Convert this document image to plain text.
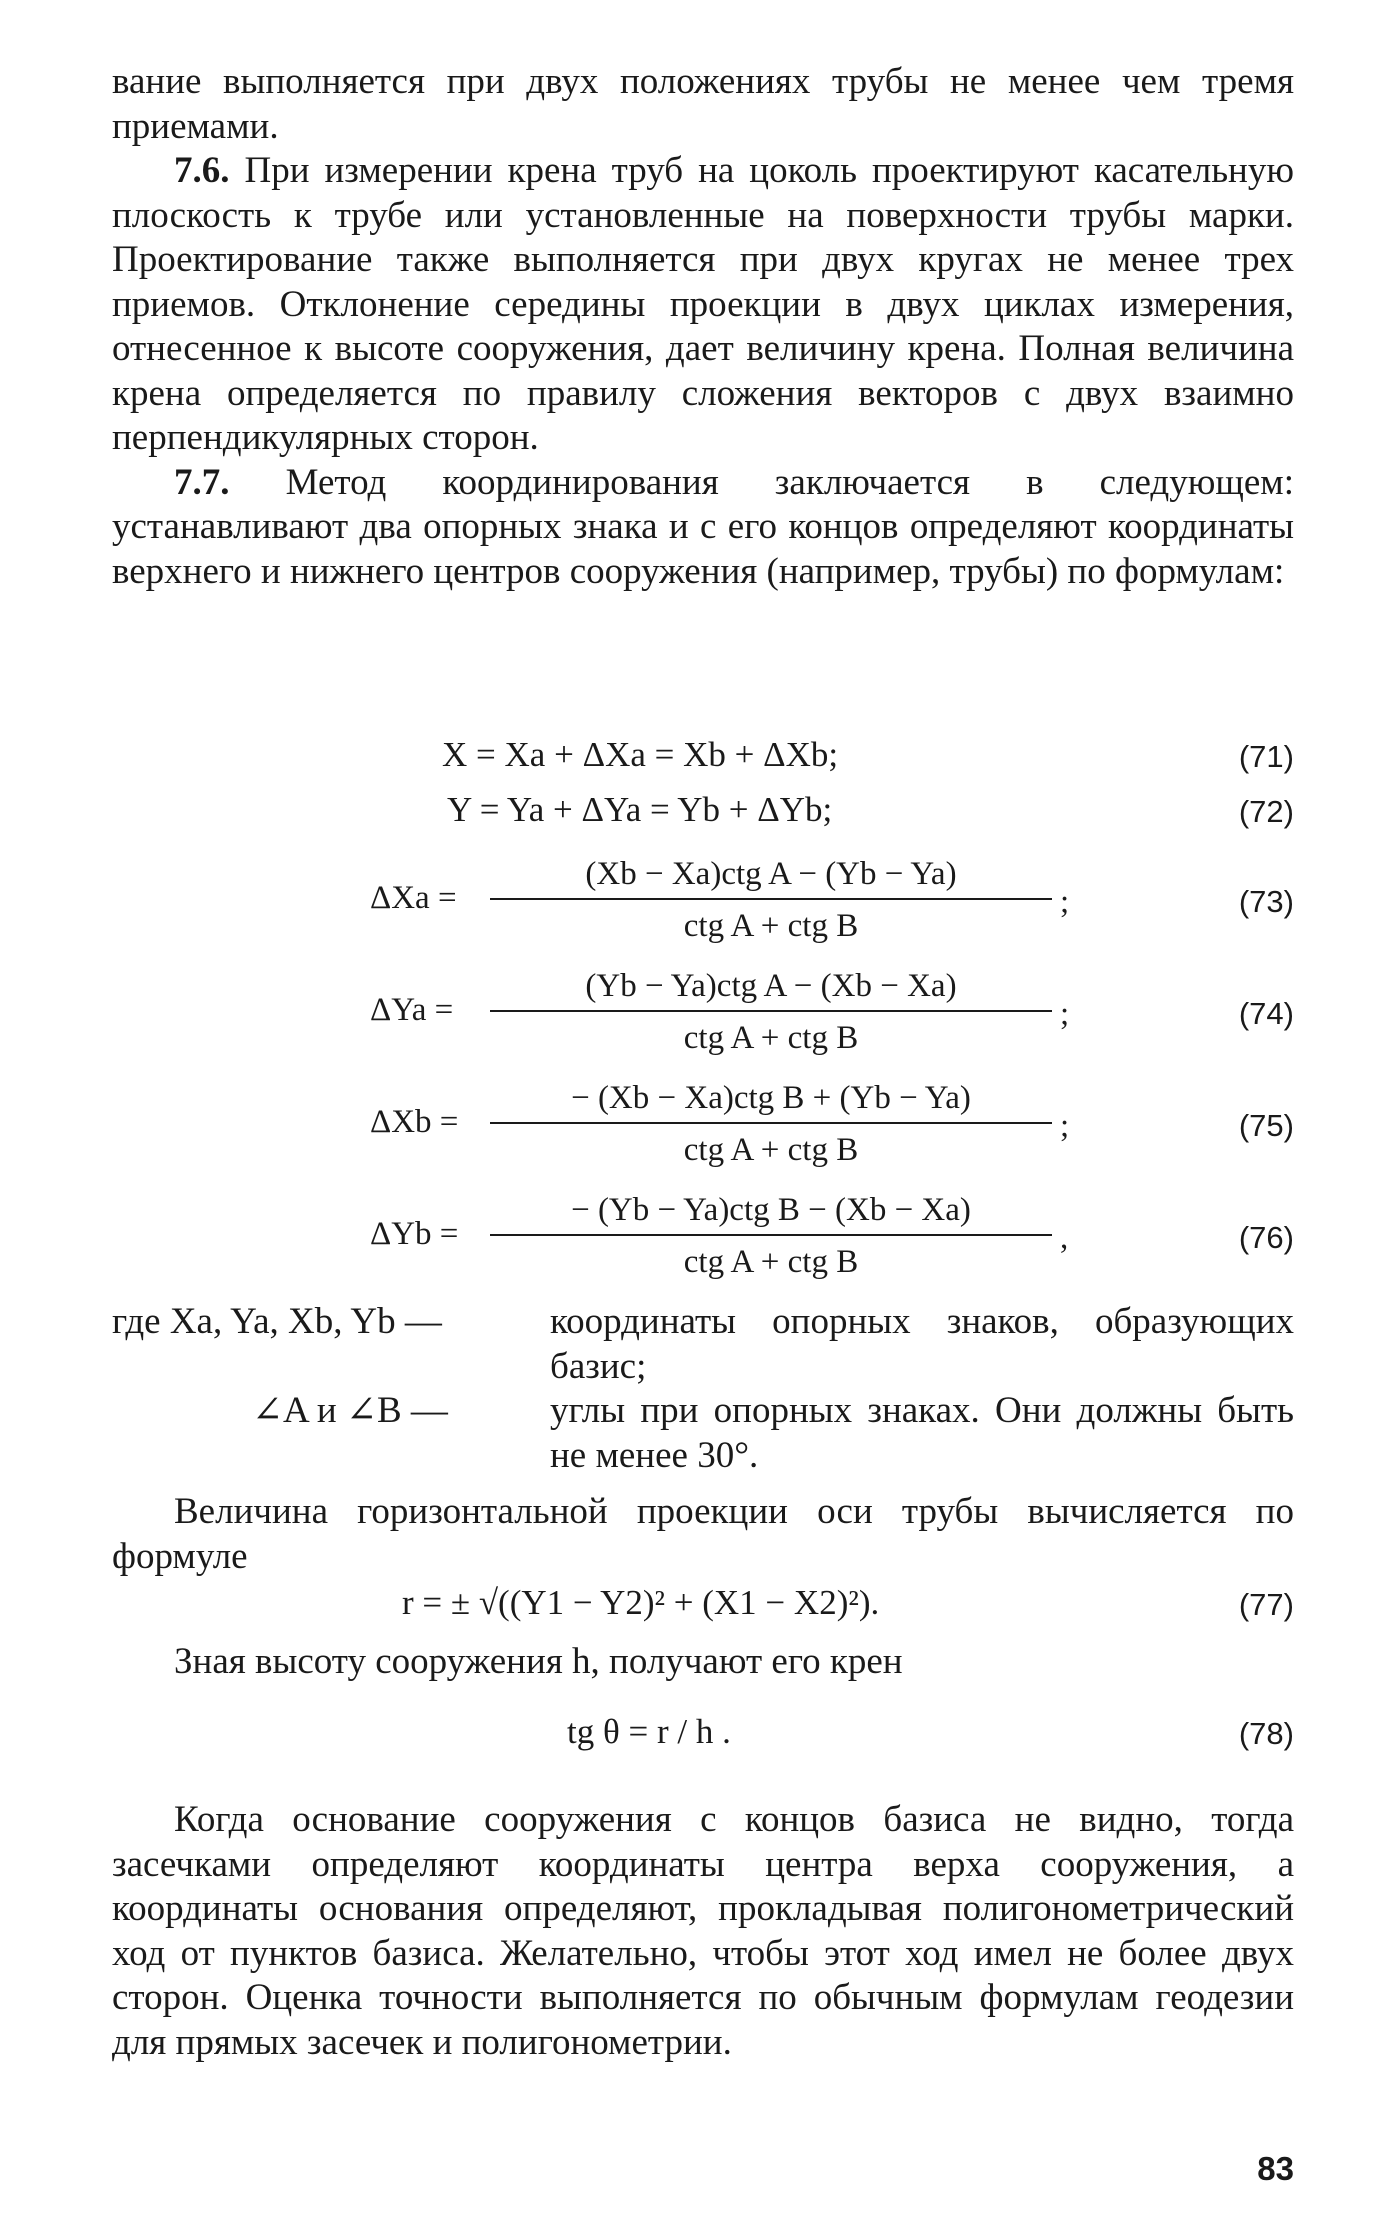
вание выполняется при двух положениях трубы не менее чем тремя приемами.

7.6. При измерении крена труб на цоколь проектируют касательную плоскость к трубе или установленные на поверхности трубы марки. Проектирование также выполняется при двух кругах не менее трех приемов. Отклонение середины проекции в двух циклах измерения, отнесенное к высоте сооружения, дает величину крена. Полная величина крена определяется по правилу сложения векторов с двух взаимно перпендикулярных сторон.

7.7. Метод координирования заключается в следующем: устанавливают два опорных знака и с его концов определяют координаты верхнего и нижнего центров сооружения (например, трубы) по формулам:

X = Xa + ΔXa = Xb + ΔXb;	(71)
Y = Ya + ΔYa = Yb + ΔYb;	(72)
ΔXa =
(Xb − Xa)ctg A − (Yb − Ya)
ctg A + ctg B
;	(73)
ΔYa =
(Yb − Ya)ctg A − (Xb − Xa)
ctg A + ctg B
;	(74)
ΔXb =
− (Xb − Xa)ctg B + (Yb − Ya)
ctg A + ctg B
;	(75)
ΔYb =
− (Yb − Ya)ctg B − (Xb − Xa)
ctg A + ctg B
,	(76)
где Xa, Ya, Xb, Yb —	координаты опорных знаков, образующих базис;
∠A и ∠B —	углы при опорных знаках. Они должны быть не менее 30°.

Величина горизонтальной проекции оси трубы вычисляется по формуле

r = ± √((Y1 − Y2)² + (X1 − X2)²).	(77)

Зная высоту сооружения h, получают его крен

tg θ = r / h .	(78)

Когда основание сооружения с концов базиса не видно, тогда засечками определяют координаты центра верха сооружения, а координаты основания определяют, прокладывая полигонометрический ход от пунктов базиса. Желательно, чтобы этот ход имел не более двух сторон. Оценка точности выполняется по обычным формулам геодезии для прямых засечек и полигонометрии.

83
